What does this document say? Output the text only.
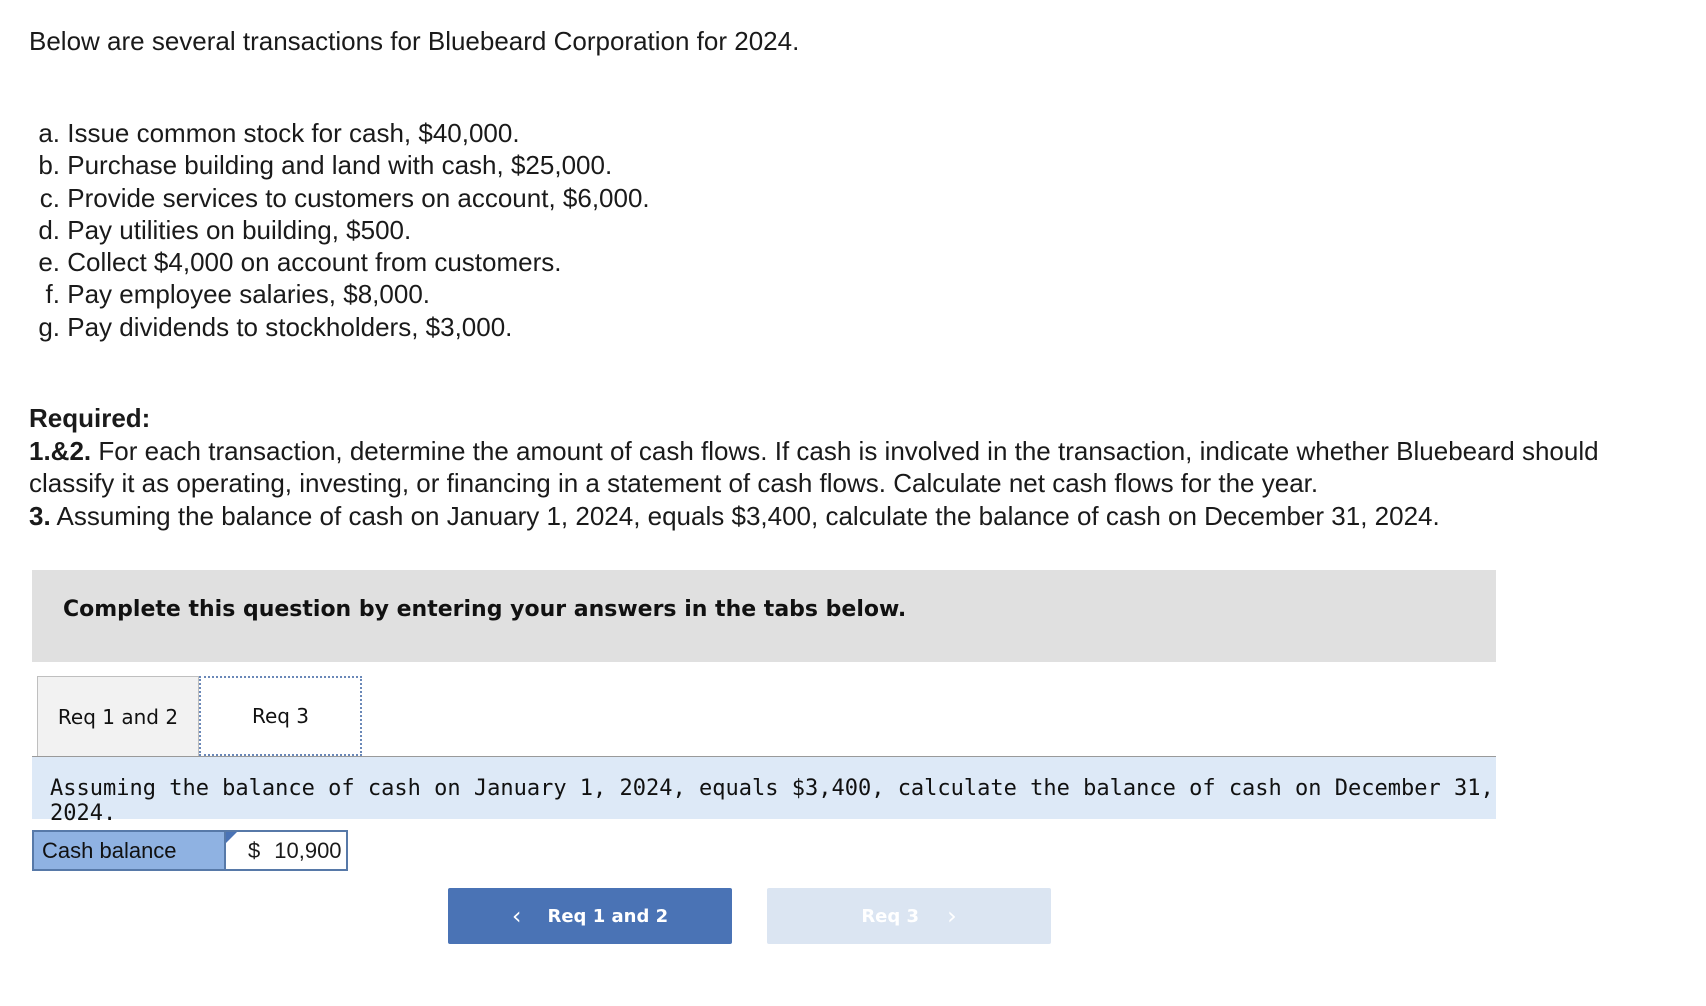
Below are several transactions for Bluebeard Corporation for 2024.
a.
Issue common stock for cash, $40,000.
b.
Purchase building and land with cash, $25,000.
c.
Provide services to customers on account, $6,000.
d.
Pay utilities on building, $500.
e.
Collect $4,000 on account from customers.
f.
Pay employee salaries, $8,000.
g.
Pay dividends to stockholders, $3,000.
Required:
1.&2. For each transaction, determine the amount of cash flows. If cash is involved in the transaction, indicate whether Bluebeard should classify it as operating, investing, or financing in a statement of cash flows. Calculate net cash flows for the year.
3. Assuming the balance of cash on January 1, 2024, equals $3,400, calculate the balance of cash on December 31, 2024.
Complete this question by entering your answers in the tabs below.
Req 1 and 2	Req 3
Assuming the balance of cash on January 1, 2024, equals $3,400, calculate the balance of cash on December 31, 2024.
Cash balance	$ 10,900
‹ Req 1 and 2	Req 3 ›
